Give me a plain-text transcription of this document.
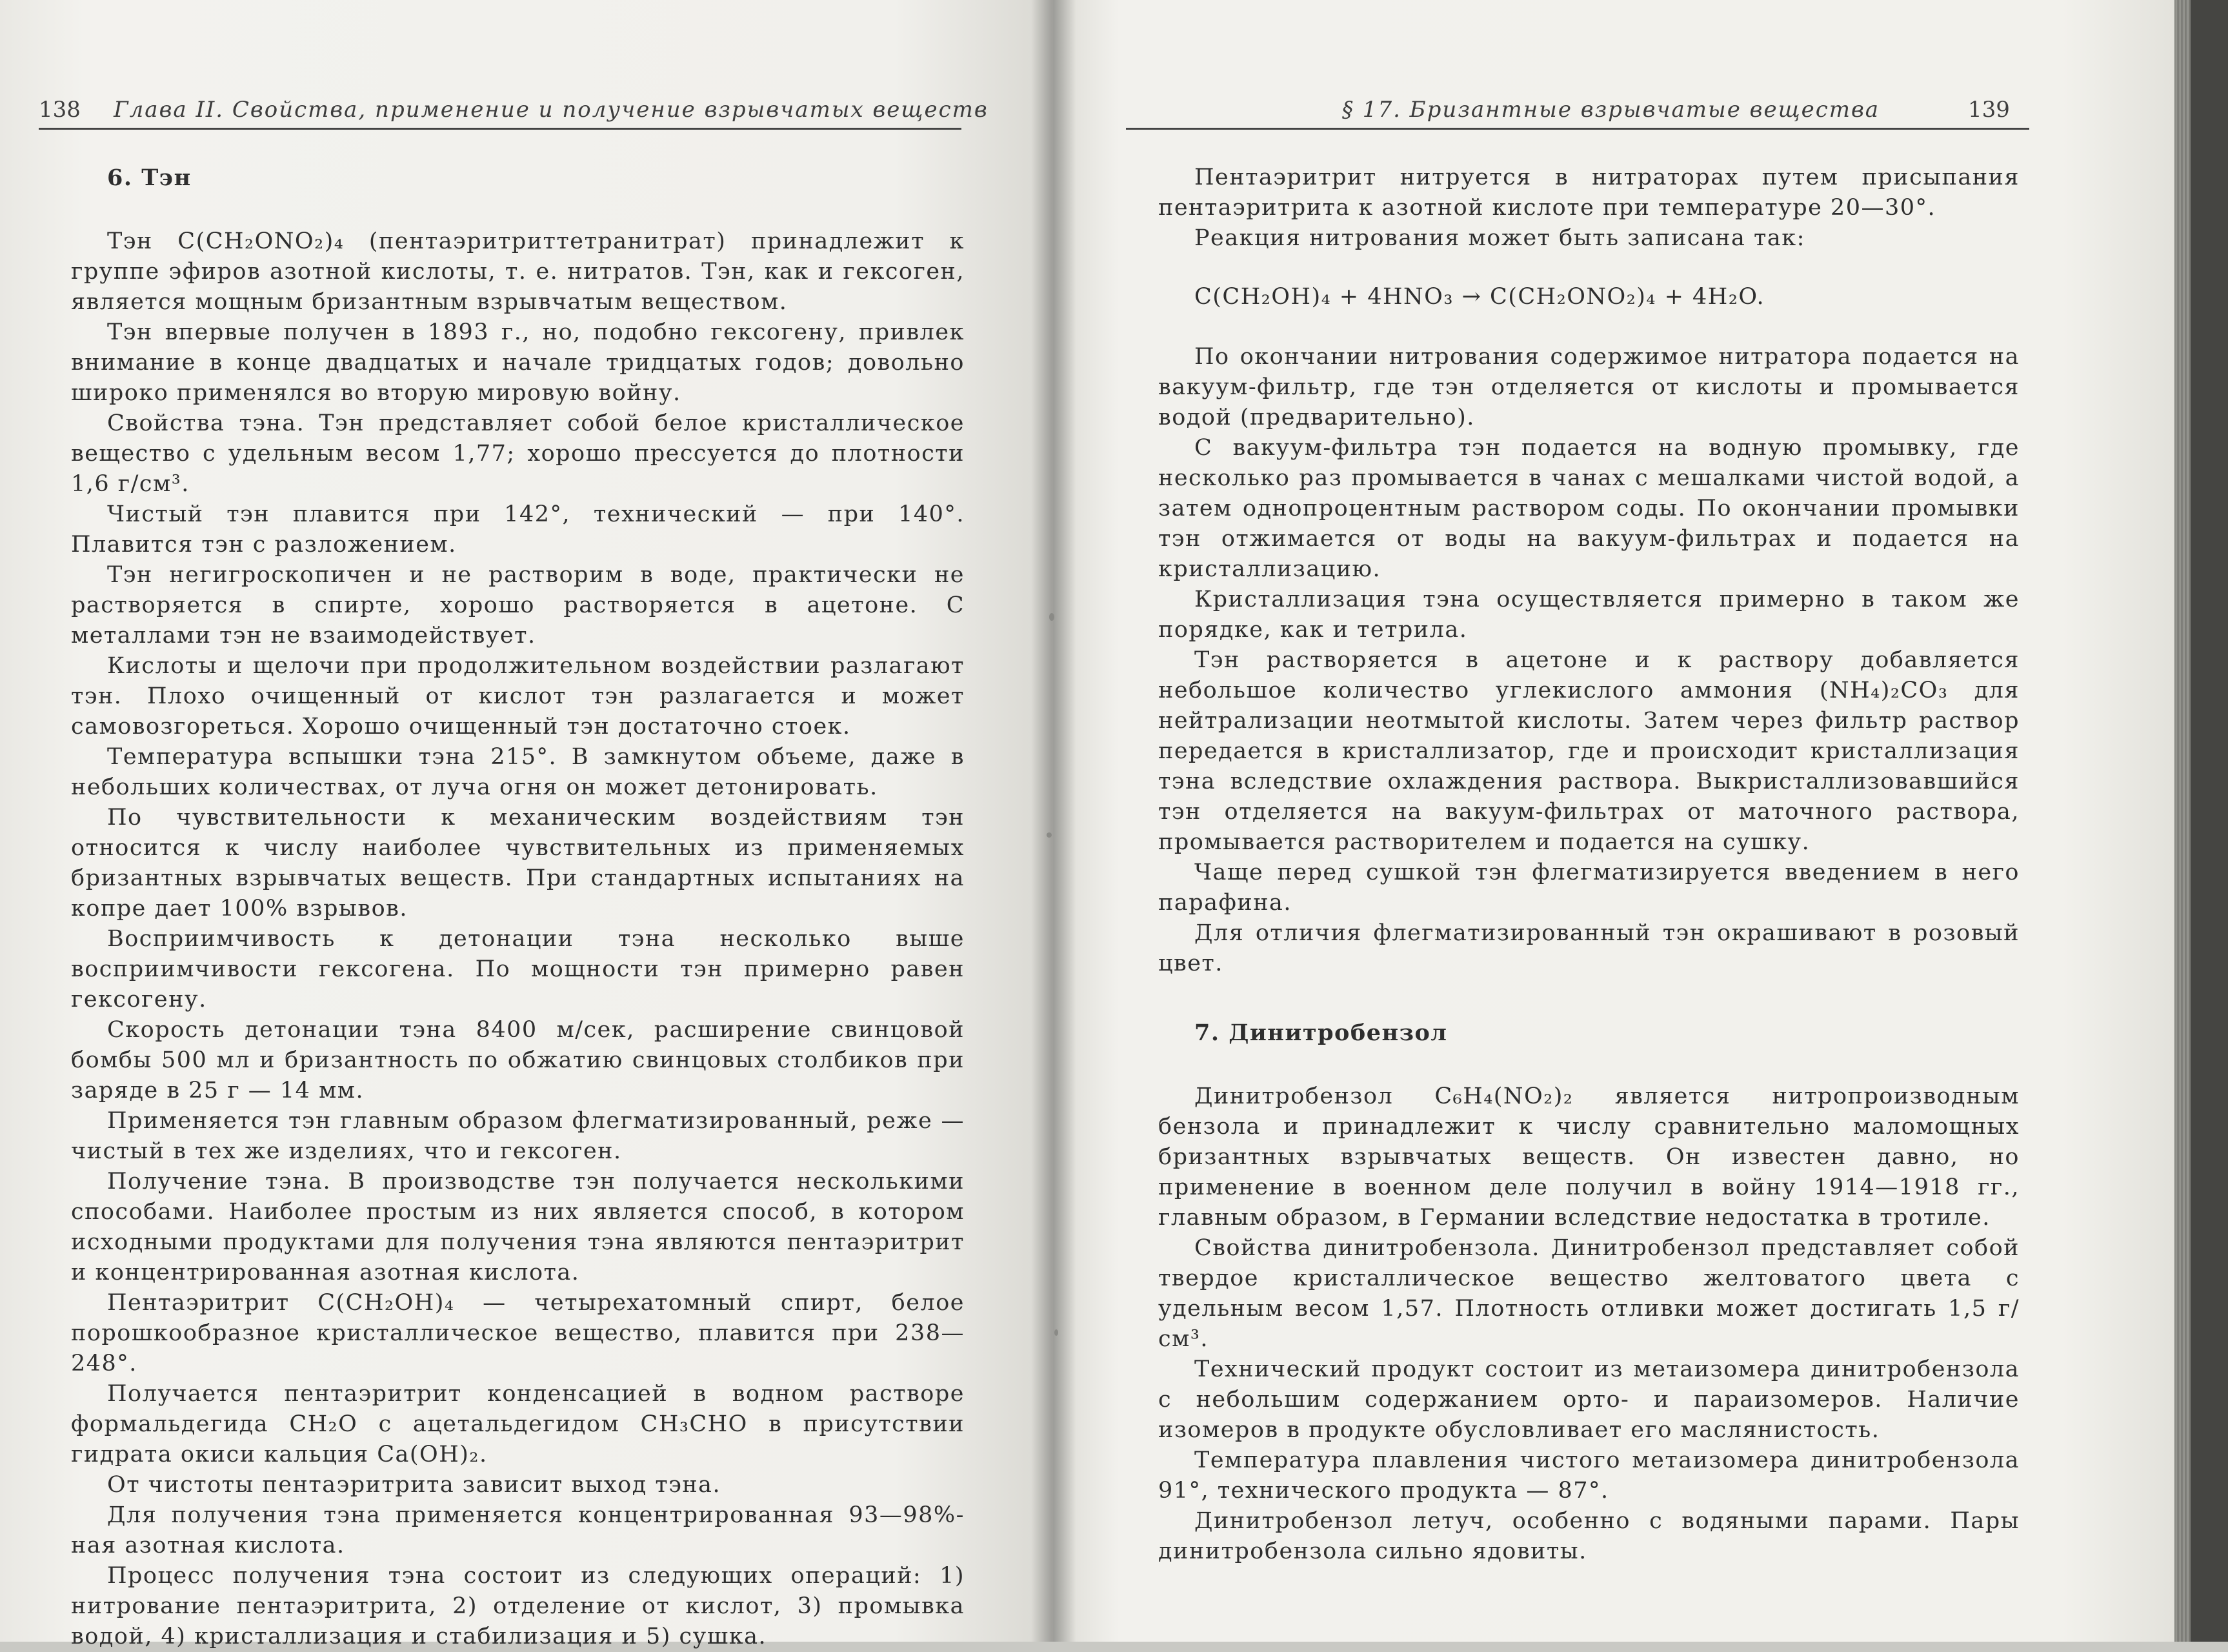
138 Глава II. Свойства, применение и получение взрывчатых веществ	§ 17. Бризантные взрывчатые вещества	139

6. Тэн

Тэн C(CH₂ONO₂)₄ (пентаэритриттетранитрат) принадлежит к группе эфиров азотной кислоты, т. е. нитратов. Тэн, как и гексоген, является мощным бризантным взрывчатым веществом.

Тэн впервые получен в 1893 г., но, подобно гексогену, привлек внимание в конце двадцатых и начале тридцатых годов; довольно широко применялся во вторую мировую войну.

Свойства тэна. Тэн представляет собой белое кристаллическое вещество с удельным весом 1,77; хорошо прессуется до плотности 1,6 г/см³.

Чистый тэн плавится при 142°, технический — при 140°. Плавится тэн с разложением.

Тэн негигроскопичен и не растворим в воде, практически не растворяется в спирте, хорошо растворяется в ацетоне. С металлами тэн не взаимодействует.

Кислоты и щелочи при продолжительном воздействии разлагают тэн. Плохо очищенный от кислот тэн разлагается и может самовозгореться. Хорошо очищенный тэн достаточно стоек.

Температура вспышки тэна 215°. В замкнутом объеме, даже в небольших количествах, от луча огня он может детонировать.

По чувствительности к механическим воздействиям тэн относится к числу наиболее чувствительных из применяемых бризантных взрывчатых веществ. При стандартных испытаниях на копре дает 100% взрывов.

Восприимчивость к детонации тэна несколько выше восприимчивости гексогена. По мощности тэн примерно равен гексогену.

Скорость детонации тэна 8400 м/сек, расширение свинцовой бомбы 500 мл и бризантность по обжатию свинцовых столбиков при заряде в 25 г — 14 мм.

Применяется тэн главным образом флегматизированный, реже — чистый в тех же изделиях, что и гексоген.

Получение тэна. В производстве тэн получается несколькими способами. Наиболее простым из них является способ, в котором исходными продуктами для получения тэна являются пентаэритрит и концентрированная азотная кислота.

Пентаэритрит C(CH₂OH)₄ — четырехатомный спирт, белое порошкообразное кристаллическое вещество, плавится при 238—248°.

Получается пентаэритрит конденсацией в водном растворе формальдегида CH₂O с ацетальдегидом CH₃CHO в присутствии гидрата окиси кальция Ca(OH)₂.

От чистоты пентаэритрита зависит выход тэна.

Для получения тэна применяется концентрированная 93—98%-ная азотная кислота.

Процесс получения тэна состоит из следующих операций: 1) нитрование пентаэритрита, 2) отделение от кислот, 3) промывка водой, 4) кристаллизация и стабилизация и 5) сушка.

Пентаэритрит нитруется в нитраторах путем присыпания пентаэритрита к азотной кислоте при температуре 20—30°.

Реакция нитрования может быть записана так:

C(CH₂OH)₄ + 4HNO₃ → C(CH₂ONO₂)₄ + 4H₂O.

По окончании нитрования содержимое нитратора подается на вакуум-фильтр, где тэн отделяется от кислоты и промывается водой (предварительно).

С вакуум-фильтра тэн подается на водную промывку, где несколько раз промывается в чанах с мешалками чистой водой, а затем однопроцентным раствором соды. По окончании промывки тэн отжимается от воды на вакуум-фильтрах и подается на кристаллизацию.

Кристаллизация тэна осуществляется примерно в таком же порядке, как и тетрила.

Тэн растворяется в ацетоне и к раствору добавляется небольшое количество углекислого аммония (NH₄)₂CO₃ для нейтрализации неотмытой кислоты. Затем через фильтр раствор передается в кристаллизатор, где и происходит кристаллизация тэна вследствие охлаждения раствора. Выкристаллизовавшийся тэн отделяется на вакуум-фильтрах от маточного раствора, промывается растворителем и подается на сушку.

Чаще перед сушкой тэн флегматизируется введением в него парафина.

Для отличия флегматизированный тэн окрашивают в розовый цвет.

7. Динитробензол

Динитробензол C₆H₄(NO₂)₂ является нитропроизводным бензола и принадлежит к числу сравнительно маломощных бризантных взрывчатых веществ. Он известен давно, но применение в военном деле получил в войну 1914—1918 гг., главным образом, в Германии вследствие недостатка в тротиле.

Свойства динитробензола. Динитробензол представляет собой твердое кристаллическое вещество желтоватого цвета с удельным весом 1,57. Плотность отливки может достигать 1,5 г/см³.

Технический продукт состоит из метаизомера динитробензола с небольшим содержанием орто- и параизомеров. Наличие изомеров в продукте обусловливает его маслянистость.

Температура плавления чистого метаизомера динитробензола 91°, технического продукта — 87°.

Динитробензол летуч, особенно с водяными парами. Пары динитробензола сильно ядовиты.
